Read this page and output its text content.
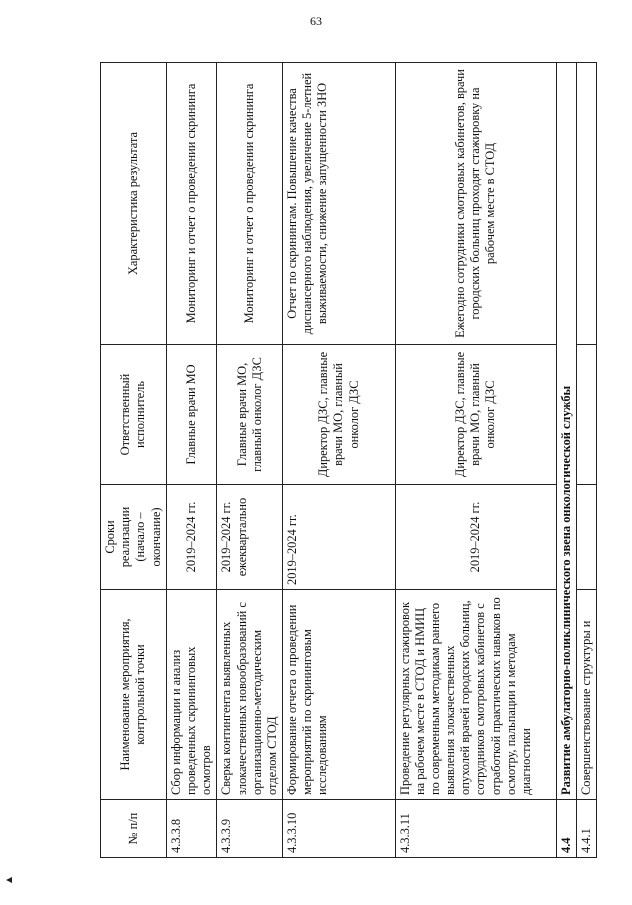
63
№ п/п	Наименование мероприятия, контрольной точки	Сроки реализации (начало – окончание)	Ответственный исполнитель	Характеристика результата
4.3.3.8	Сбор информации и анализ проведенных скрининговых осмотров	2019–2024 гг.	Главные врачи МО	Мониторинг и отчет о проведении скрининга
4.3.3.9	Сверка контингента выявленных злокачественных новообразований с организационно-методическим отделом СТОД	2019–2024 гг. ежеквартально	Главные врачи МО, главный онколог ДЗС	Мониторинг и отчет о проведении скрининга
4.3.3.10	Формирование отчета о проведении мероприятий по скрининговым исследованиям	2019–2024 гг.	Директор ДЗС, главные врачи МО, главный онколог ДЗС	Отчет по скринингам. Повышение качества диспансерного наблюдения, увеличение 5-летней выживаемости, снижение запущенности ЗНО
4.3.3.11	Проведение регулярных стажировок на рабочем месте в СТОД и НМИЦ по современным методикам раннего выявления злокачественных опухолей врачей городских больниц, сотрудников смотровых кабинетов с отработкой практических навыков по осмотру, пальпации и методам диагностики	2019–2024 гг.	Директор ДЗС, главные врачи МО, главный онколог ДЗС	Ежегодно сотрудники смотровых кабинетов, врачи городских больниц проходят стажировку на рабочем месте в СТОД
4.4	Развитие амбулаторно-поликлинического звена онкологической службы			
4.4.1	Совершенствование структуры и			
